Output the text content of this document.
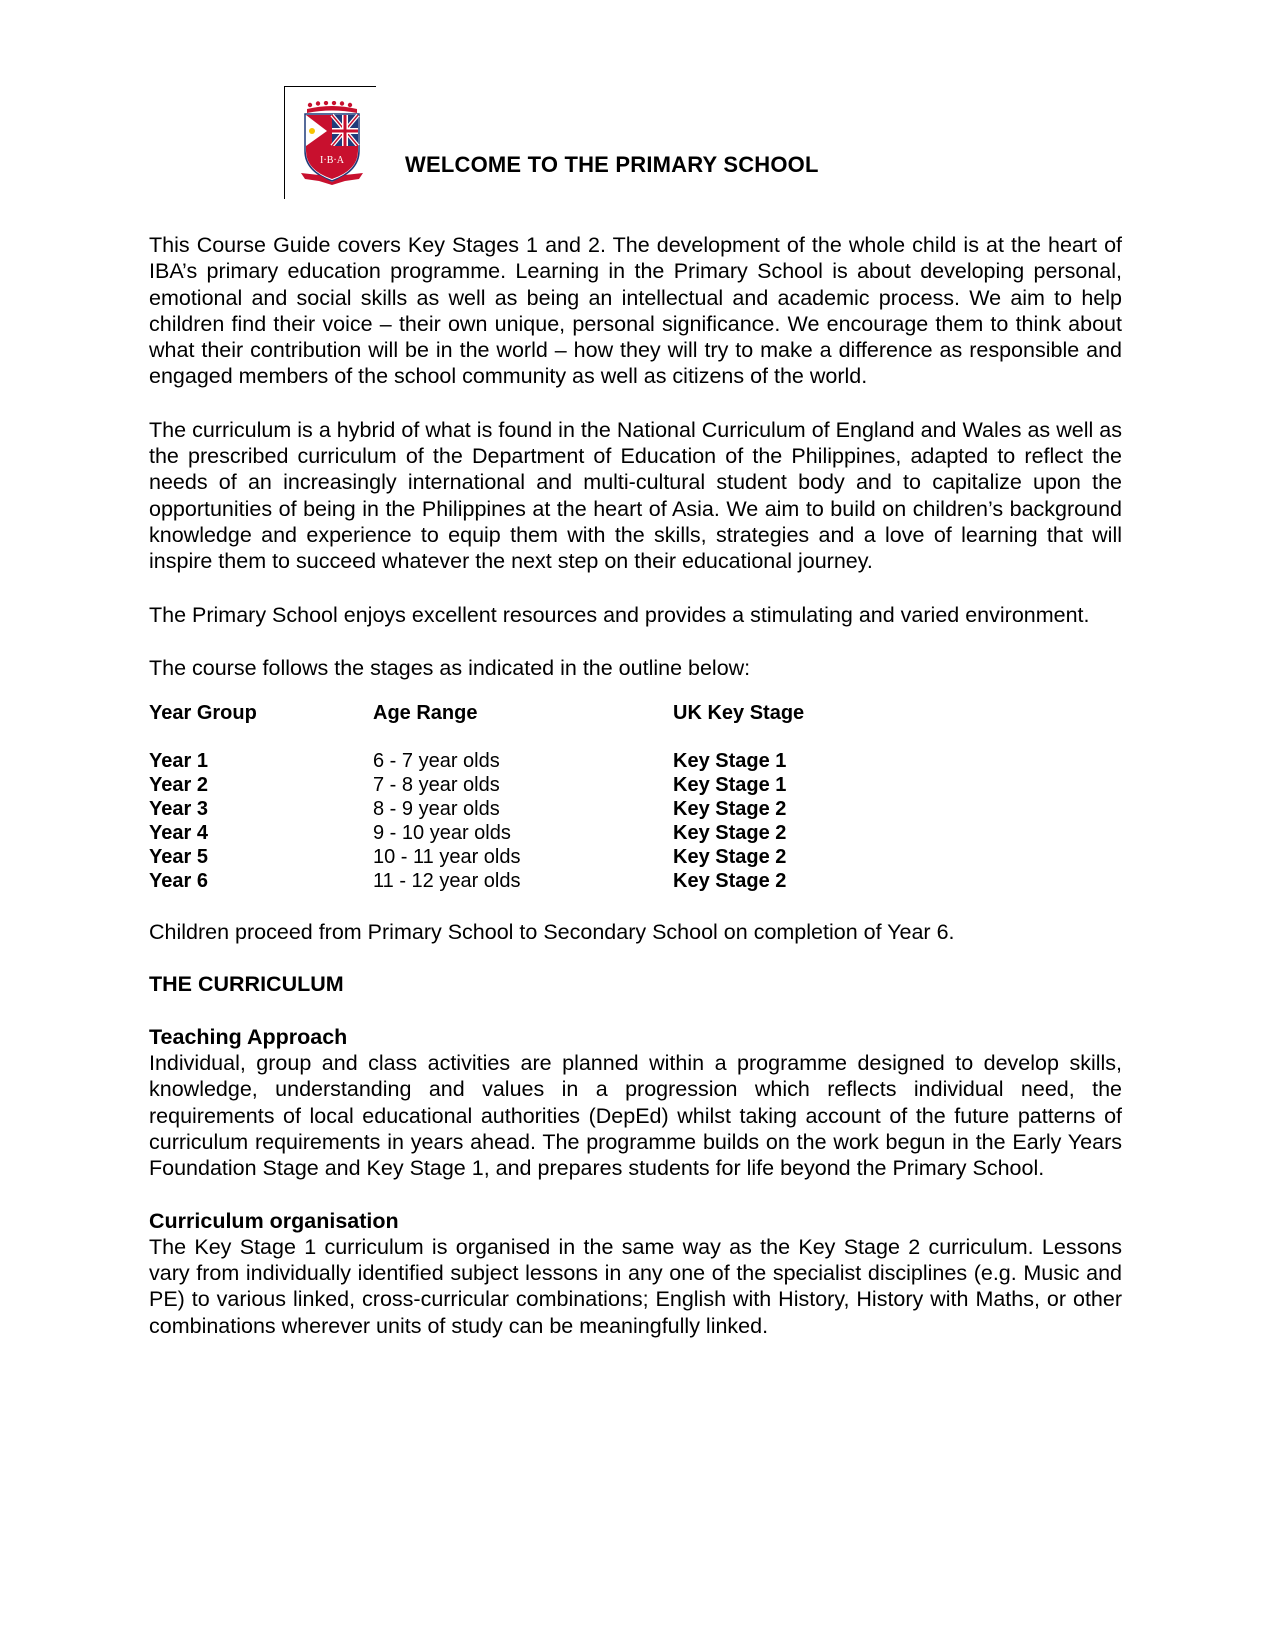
I·B·A	WELCOME TO THE PRIMARY SCHOOL

This Course Guide covers Key Stages 1 and 2. The development of the whole child is at the heart of IBA’s primary education programme. Learning in the Primary School is about developing personal, emotional and social skills as well as being an intellectual and academic process. We aim to help children find their voice – their own unique, personal significance. We encourage them to think about what their contribution will be in the world – how they will try to make a difference as responsible and engaged members of the school community as well as citizens of the world.

The curriculum is a hybrid of what is found in the National Curriculum of England and Wales as well as the prescribed curriculum of the Department of Education of the Philippines, adapted to reflect the needs of an increasingly international and multi-cultural student body and to capitalize upon the opportunities of being in the Philippines at the heart of Asia. We aim to build on children’s background knowledge and experience to equip them with the skills, strategies and a love of learning that will inspire them to succeed whatever the next step on their educational journey.

The Primary School enjoys excellent resources and provides a stimulating and varied environment.

The course follows the stages as indicated in the outline below:

Year Group	Age Range	UK Key Stage
Year 1	6 - 7 year olds	Key Stage 1
Year 2	7 - 8 year olds	Key Stage 1
Year 3	8 - 9 year olds	Key Stage 2
Year 4	9 - 10 year olds	Key Stage 2
Year 5	10 - 11 year olds	Key Stage 2
Year 6	11 - 12 year olds	Key Stage 2

Children proceed from Primary School to Secondary School on completion of Year 6.

THE CURRICULUM

Teaching Approach

Individual, group and class activities are planned within a programme designed to develop skills, knowledge, understanding and values in a progression which reflects individual need, the requirements of local educational authorities (DepEd) whilst taking account of the future patterns of curriculum requirements in years ahead. The programme builds on the work begun in the Early Years Foundation Stage and Key Stage 1, and prepares students for life beyond the Primary School.

Curriculum organisation

The Key Stage 1 curriculum is organised in the same way as the Key Stage 2 curriculum. Lessons vary from individually identified subject lessons in any one of the specialist disciplines (e.g. Music and PE) to various linked, cross-curricular combinations; English with History, History with Maths, or other combinations wherever units of study can be meaningfully linked.
